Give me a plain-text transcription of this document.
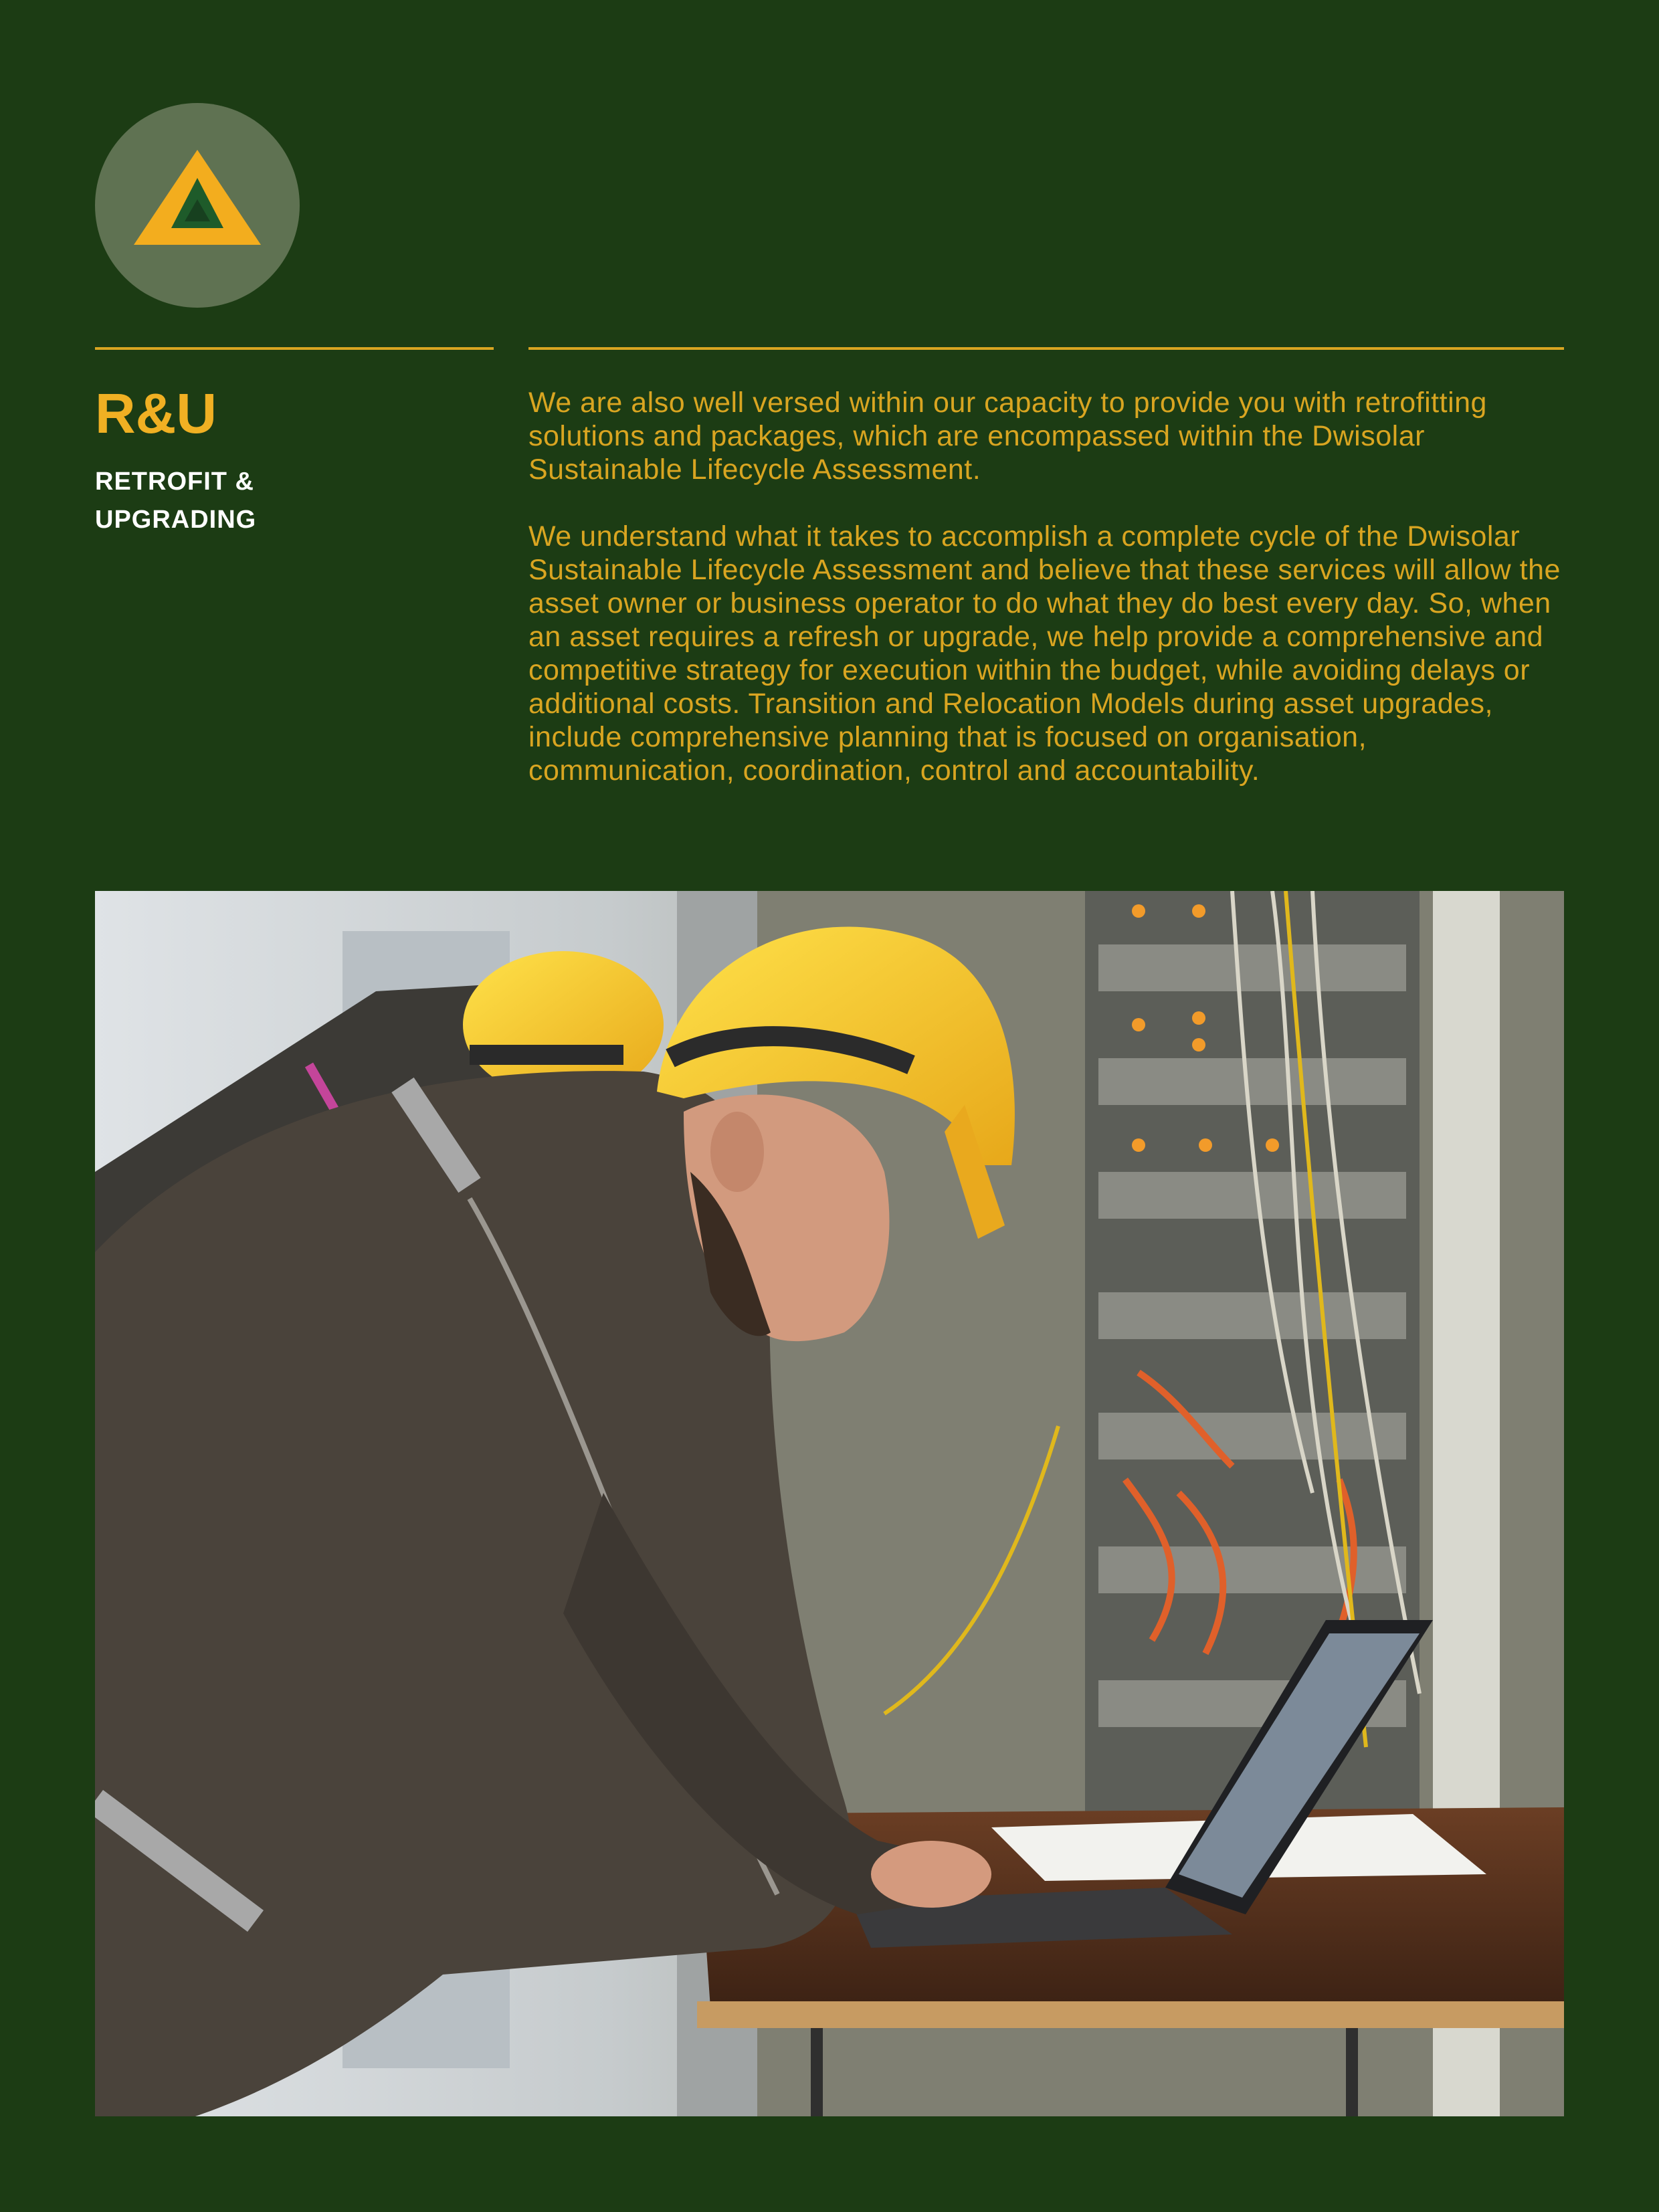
R&U
RETROFIT &
UPGRADING

We are also well versed within our capacity to provide you with retrofitting solutions and packages, which are encompassed within the Dwisolar Sustainable Lifecycle Assessment.

We understand what it takes to accomplish a complete cycle of the Dwisolar Sustainable Lifecycle Assessment and believe that these services will allow the asset owner or business operator to do what they do best every day. So, when an asset requires a refresh or upgrade, we help provide a comprehensive and competitive strategy for execution within the budget, while avoiding delays or additional costs. Transition and Relocation Models during asset upgrades, include comprehensive planning that is focused on organisation, communication, coordination, control and accountability.
